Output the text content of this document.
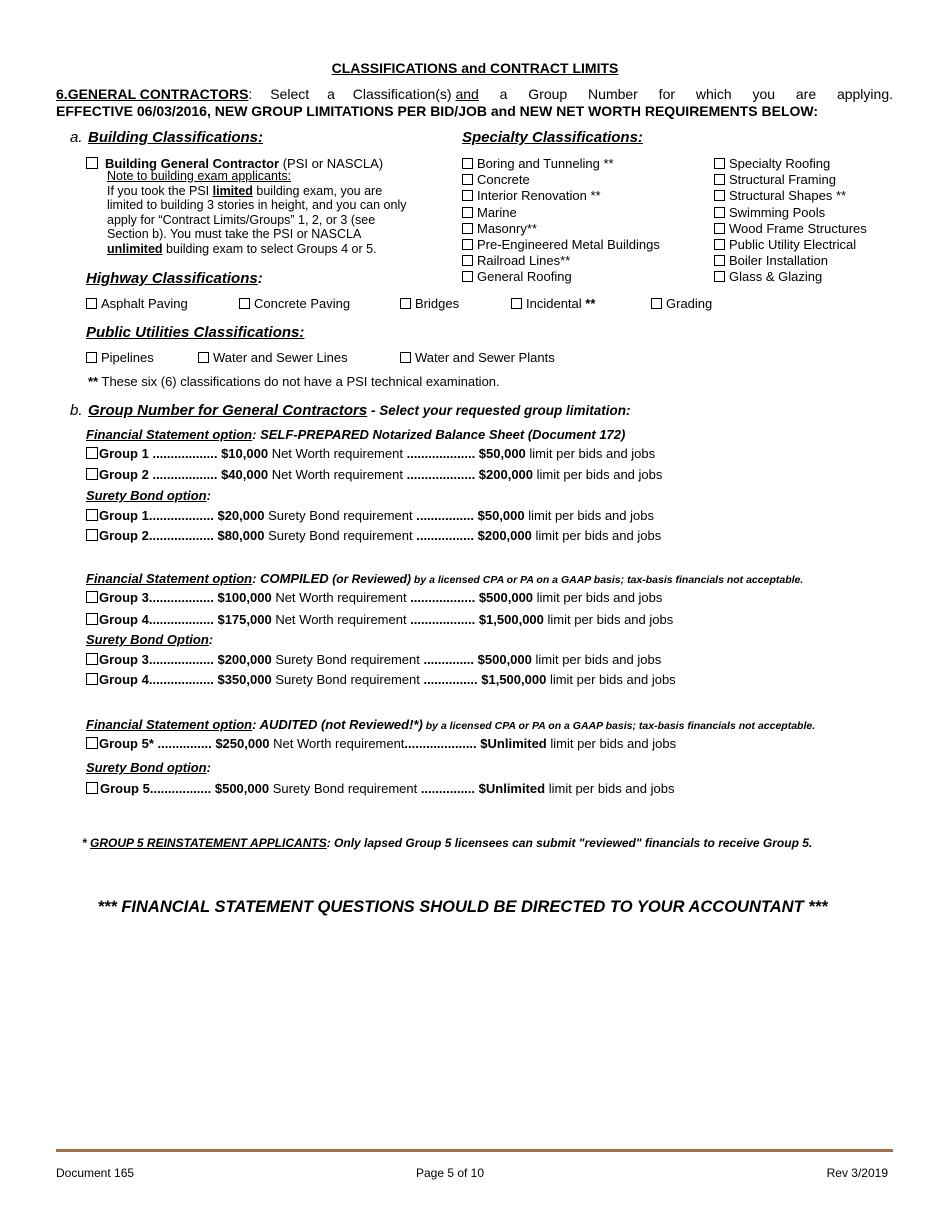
CLASSIFICATIONS and CONTRACT LIMITS
6. GENERAL CONTRACTORS : Select a Classification(s) and a Group Number for which you are applying.
EFFECTIVE 06/03/2016, NEW GROUP LIMITATIONS PER BID/JOB and NEW NET WORTH REQUIREMENTS BELOW:
a. Building Classifications:	Specialty Classifications:
Building General Contractor (PSI or NASCLA)
Note to building exam applicants:
If you took the PSI limited building exam, you are
limited to building 3 stories in height, and you can only
apply for “Contract Limits/Groups” 1, 2, or 3 (see
Section b). You must take the PSI or NASCLA
unlimited building exam to select Groups 4 or 5.
Boring and Tunneling **
Concrete
Interior Renovation **
Marine
Masonry**
Pre-Engineered Metal Buildings
Railroad Lines**
General Roofing
Specialty Roofing
Structural Framing
Structural Shapes **
Swimming Pools
Wood Frame Structures
Public Utility Electrical
Boiler Installation
Glass & Glazing
Highway Classifications:
Asphalt Paving	Concrete Paving	Bridges	Incidental **	Grading
Public Utilities Classifications:
Pipelines	Water and Sewer Lines	Water and Sewer Plants
** These six (6) classifications do not have a PSI technical examination.
b. Group Number for General Contractors - Select your requested group limitation:
Financial Statement option: SELF-PREPARED Notarized Balance Sheet (Document 172)
Group 1 .................. $10,000 Net Worth requirement ................... $50,000 limit per bids and jobs
Group 2 .................. $40,000 Net Worth requirement ................... $200,000 limit per bids and jobs
Surety Bond option:
Group 1.................. $20,000 Surety Bond requirement ................ $50,000 limit per bids and jobs
Group 2.................. $80,000 Surety Bond requirement ................ $200,000 limit per bids and jobs
Financial Statement option: COMPILED (or Reviewed) by a licensed CPA or PA on a GAAP basis; tax-basis financials not acceptable.
Group 3.................. $100,000 Net Worth requirement .................. $500,000 limit per bids and jobs
Group 4.................. $175,000 Net Worth requirement .................. $1,500,000 limit per bids and jobs
Surety Bond Option:
Group 3.................. $200,000 Surety Bond requirement .............. $500,000 limit per bids and jobs
Group 4.................. $350,000 Surety Bond requirement ............... $1,500,000 limit per bids and jobs
Financial Statement option: AUDITED (not Reviewed!*) by a licensed CPA or PA on a GAAP basis; tax-basis financials not acceptable.
Group 5* ............... $250,000 Net Worth requirement.................... $Unlimited limit per bids and jobs
Surety Bond option:
Group 5................. $500,000 Surety Bond requirement ............... $Unlimited limit per bids and jobs
* GROUP 5 REINSTATEMENT APPLICANTS: Only lapsed Group 5 licensees can submit "reviewed" financials to receive Group 5.
*** FINANCIAL STATEMENT QUESTIONS SHOULD BE DIRECTED TO YOUR ACCOUNTANT ***
Document 165	Page 5 of 10	Rev 3/2019
